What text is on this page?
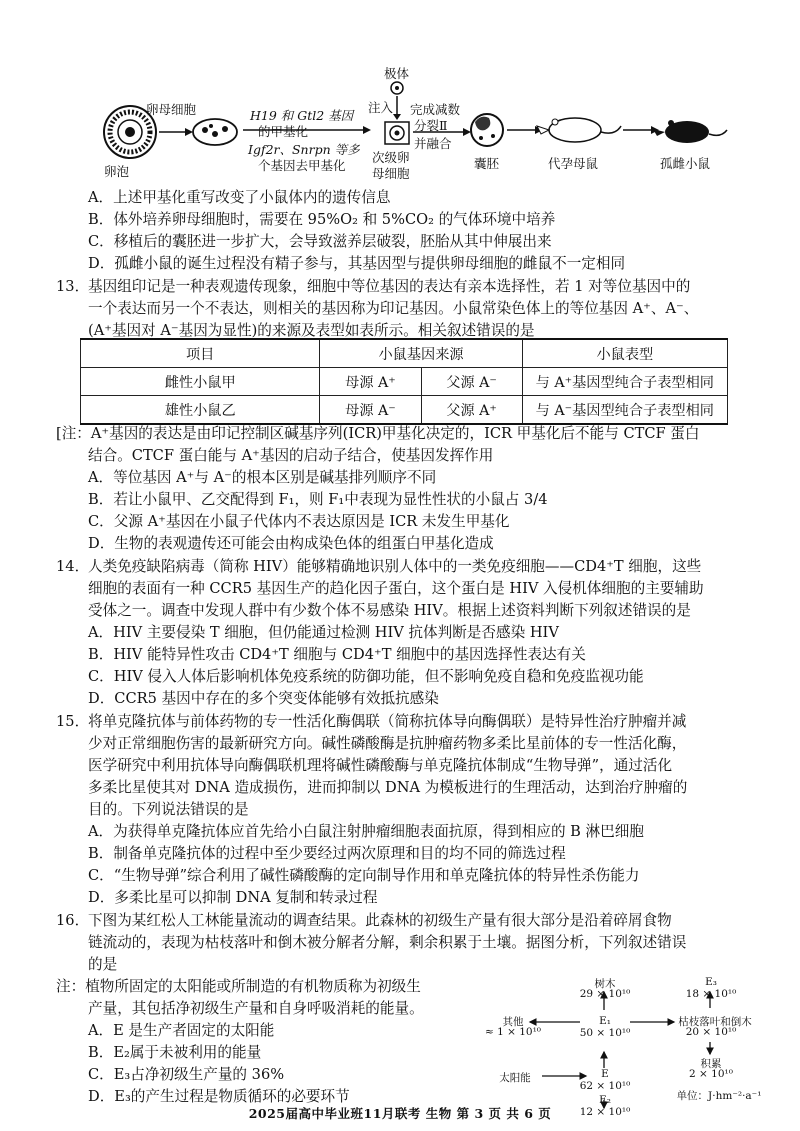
卵泡
卵母细胞	H19 和 Gtl2 基因
的甲基化
Igf2r、Snrpn 等多
个基因去甲基化
极体
注入
次级卵
母细胞
完成减数
分裂Ⅱ
并融合
囊胚	代孕母鼠	孤雌小鼠
A．上述甲基化重写改变了小鼠体内的遗传信息
B．体外培养卵母细胞时，需要在 95%O₂ 和 5%CO₂ 的气体环境中培养
C．移植后的囊胚进一步扩大，会导致滋养层破裂，胚胎从其中伸展出来
D．孤雌小鼠的诞生过程没有精子参与，其基因型与提供卵母细胞的雌鼠不一定相同
13．
基因组印记是一种表观遗传现象，细胞中等位基因的表达有亲本选择性，若 1 对等位基因中的
一个表达而另一个不表达，则相关的基因称为印记基因。小鼠常染色体上的等位基因 A⁺、A⁻、
(A⁺基因对 A⁻基因为显性)的来源及表型如表所示。相关叙述错误的是
项目	小鼠基因来源		小鼠表型
雌性小鼠甲	母源 A⁺	父源 A⁻	与 A⁺基因型纯合子表型相同
雄性小鼠乙	母源 A⁻	父源 A⁺	与 A⁻基因型纯合子表型相同
[注：A⁺基因的表达是由印记控制区碱基序列(ICR)甲基化决定的，ICR 甲基化后不能与 CTCF 蛋白
结合。CTCF 蛋白能与 A⁺基因的启动子结合，使基因发挥作用
A．等位基因 A⁺与 A⁻的根本区别是碱基排列顺序不同
B．若让小鼠甲、乙交配得到 F₁，则 F₁中表现为显性性状的小鼠占 3/4
C．父源 A⁺基因在小鼠子代体内不表达原因是 ICR 未发生甲基化
D．生物的表观遗传还可能会由构成染色体的组蛋白甲基化造成
14．
人类免疫缺陷病毒（简称 HIV）能够精确地识别人体中的一类免疫细胞——CD4⁺T 细胞，这些
细胞的表面有一种 CCR5 基因生产的趋化因子蛋白，这个蛋白是 HIV 入侵机体细胞的主要辅助
受体之一。调查中发现人群中有少数个体不易感染 HIV。根据上述资料判断下列叙述错误的是
A．HIV 主要侵染 T 细胞，但仍能通过检测 HIV 抗体判断是否感染 HIV
B．HIV 能特异性攻击 CD4⁺T 细胞与 CD4⁺T 细胞中的基因选择性表达有关
C．HIV 侵入人体后影响机体免疫系统的防御功能，但不影响免疫自稳和免疫监视功能
D．CCR5 基因中存在的多个突变体能够有效抵抗感染
15．
将单克隆抗体与前体药物的专一性活化酶偶联（简称抗体导向酶偶联）是特异性治疗肿瘤并减
少对正常细胞伤害的最新研究方向。碱性磷酸酶是抗肿瘤药物多柔比星前体的专一性活化酶，
医学研究中利用抗体导向酶偶联机理将碱性磷酸酶与单克隆抗体制成“生物导弹”，通过活化
多柔比星使其对 DNA 造成损伤，进而抑制以 DNA 为模板进行的生理活动，达到治疗肿瘤的
目的。下列说法错误的是
A．为获得单克隆抗体应首先给小白鼠注射肿瘤细胞表面抗原，得到相应的 B 淋巴细胞
B．制备单克隆抗体的过程中至少要经过两次原理和目的均不同的筛选过程
C．“生物导弹”综合利用了碱性磷酸酶的定向制导作用和单克隆抗体的特异性杀伤能力
D．多柔比星可以抑制 DNA 复制和转录过程
16．
下图为某红松人工林能量流动的调查结果。此森林的初级生产量有很大部分是沿着碎屑食物
链流动的，表现为枯枝落叶和倒木被分解者分解，剩余积累于土壤。据图分析，下列叙述错误
的是
注：植物所固定的太阳能或所制造的有机物质称为初级生
产量，其包括净初级生产量和自身呼吸消耗的能量。
A．E 是生产者固定的太阳能
B．E₂属于未被利用的能量
C．E₃占净初级生产量的 36%
D．E₃的产生过程是物质循环的必要环节
树木
29 × 10¹⁰
E₃
18 × 10¹⁰
其他
≈ 1 × 10¹⁰
E₁
50 × 10¹⁰
枯枝落叶和倒木
20 × 10¹⁰
积累
2 × 10¹⁰
太阳能	E
62 × 10¹⁰
E₂
12 × 10¹⁰
单位：J·hm⁻²·a⁻¹
2025届高中毕业班11月联考 生物 第 3 页 共 6 页
